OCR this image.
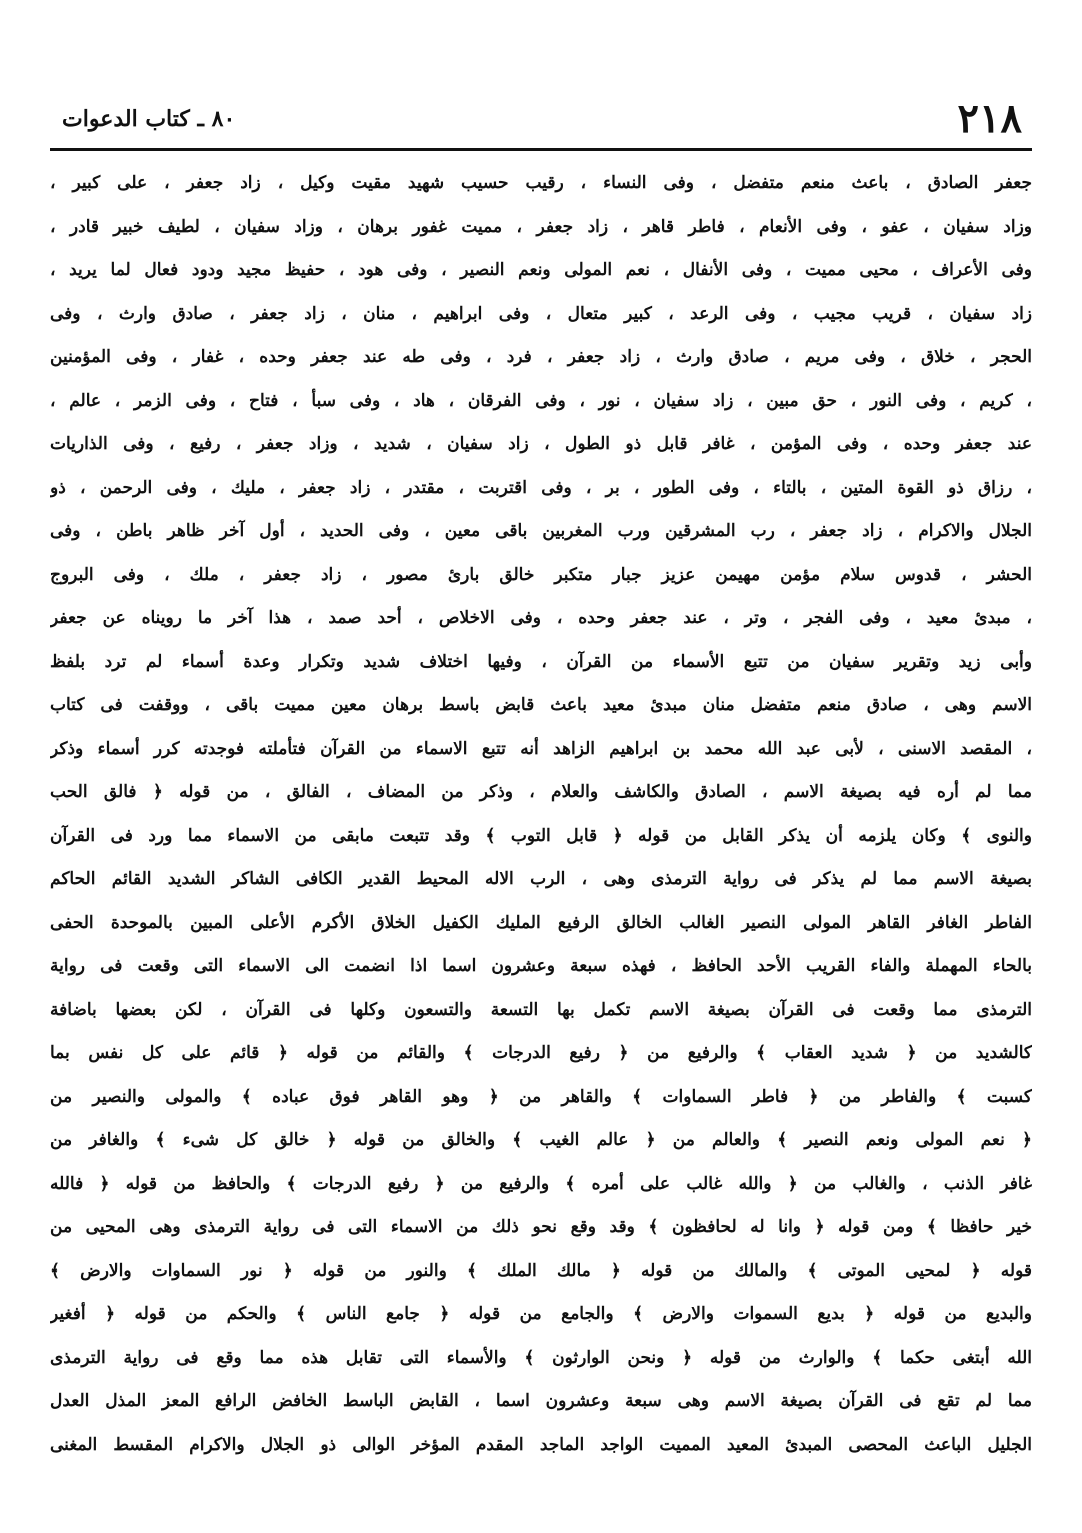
٢١٨
٨٠ ـ كتاب الدعوات
جعفر الصادق ، باعث منعم متفضل ، وفى النساء ، رقيب حسيب شهيد مقيت وكيل ، زاد جعفر ، على كبير ،
وزاد سفيان ، عفو ، وفى الأنعام ، فاطر قاهر ، زاد جعفر ، مميت غفور برهان ، وزاد سفيان ، لطيف خبير قادر ،
وفى الأعراف ، محيى مميت ، وفى الأنفال ، نعم المولى ونعم النصير ، وفى هود ، حفيظ مجيد ودود فعال لما يريد ،
زاد سفيان ، قريب مجيب ، وفى الرعد ، كبير متعال ، وفى ابراهيم ، منان ، زاد جعفر ، صادق وارث ، وفى
الحجر ، خلاق ، وفى مريم ، صادق وارث ، زاد جعفر ، فرد ، وفى طه عند جعفر وحده ، غفار ، وفى المؤمنين
، كريم ، وفى النور ، حق مبين ، زاد سفيان ، نور ، وفى الفرقان ، هاد ، وفى سبأ ، فتاح ، وفى الزمر ، عالم ،
عند جعفر وحده ، وفى المؤمن ، غافر قابل ذو الطول ، زاد سفيان ، شديد ، وزاد جعفر ، رفيع ، وفى الذاريات
، رزاق ذو القوة المتين ، بالتاء ، وفى الطور ، بر ، وفى اقتربت ، مقتدر ، زاد جعفر ، مليك ، وفى الرحمن ، ذو
الجلال والاكرام ، زاد جعفر ، رب المشرقين ورب المغربين باقى معين ، وفى الحديد ، أول آخر ظاهر باطن ، وفى
الحشر ، قدوس سلام مؤمن مهيمن عزيز جبار متكبر خالق بارئ مصور ، زاد جعفر ، ملك ، وفى البروج
، مبدئ معيد ، وفى الفجر ، وتر ، عند جعفر وحده ، وفى الاخلاص ، أحد صمد ، هذا آخر ما رويناه عن جعفر
وأبى زيد وتقرير سفيان من تتبع الأسماء من القرآن ، وفيها اختلاف شديد وتكرار وعدة أسماء لم ترد بلفظ
الاسم وهى ، صادق منعم متفضل منان مبدئ معيد باعث قابض باسط برهان معين مميت باقى ، ووقفت فى كتاب
، المقصد الاسنى ، لأبى عبد الله محمد بن ابراهيم الزاهد أنه تتبع الاسماء من القرآن فتأملته فوجدته كرر أسماء وذكر
مما لم أره فيه بصيغة الاسم ، الصادق والكاشف والعلام ، وذكر من المضاف ، الفالق ، من قوله ﴿ فالق الحب
والنوى ﴾ وكان يلزمه أن يذكر القابل من قوله ﴿ قابل التوب ﴾ وقد تتبعت مابقى من الاسماء مما ورد فى القرآن
بصيغة الاسم مما لم يذكر فى رواية الترمذى وهى ، الرب الاله المحيط القدير الكافى الشاكر الشديد القائم الحاكم
الفاطر الغافر القاهر المولى النصير الغالب الخالق الرفيع المليك الكفيل الخلاق الأكرم الأعلى المبين بالموحدة الحفى
بالحاء المهملة والفاء القريب الأحد الحافظ ، فهذه سبعة وعشرون اسما اذا انضمت الى الاسماء التى وقعت فى رواية
الترمذى مما وقعت فى القرآن بصيغة الاسم تكمل بها التسعة والتسعون وكلها فى القرآن ، لكن بعضها باضافة
كالشديد من ﴿ شديد العقاب ﴾ والرفيع من ﴿ رفيع الدرجات ﴾ والقائم من قوله ﴿ قائم على كل نفس بما
كسبت ﴾ والفاطر من ﴿ فاطر السماوات ﴾ والقاهر من ﴿ وهو القاهر فوق عباده ﴾ والمولى والنصير من
﴿ نعم المولى ونعم النصير ﴾ والعالم من ﴿ عالم الغيب ﴾ والخالق من قوله ﴿ خالق كل شىء ﴾ والغافر من
غافر الذنب ، والغالب من ﴿ والله غالب على أمره ﴾ والرفيع من ﴿ رفيع الدرجات ﴾ والحافظ من قوله ﴿ فالله
خير حافظا ﴾ ومن قوله ﴿ وانا له لحافظون ﴾ وقد وقع نحو ذلك من الاسماء التى فى رواية الترمذى وهى المحيى من
قوله ﴿ لمحيى الموتى ﴾ والمالك من قوله ﴿ مالك الملك ﴾ والنور من قوله ﴿ نور السماوات والارض ﴾
والبديع من قوله ﴿ بديع السموات والارض ﴾ والجامع من قوله ﴿ جامع الناس ﴾ والحكم من قوله ﴿ أفغير
الله أبتغى حكما ﴾ والوارث من قوله ﴿ ونحن الوارثون ﴾ والأسماء التى تقابل هذه مما وقع فى رواية الترمذى
مما لم تقع فى القرآن بصيغة الاسم وهى سبعة وعشرون اسما ، القابض الباسط الخافض الرافع المعز المذل العدل
الجليل الباعث المحصى المبدئ المعيد المميت الواجد الماجد المقدم المؤخر الوالى ذو الجلال والاكرام المقسط المغنى
